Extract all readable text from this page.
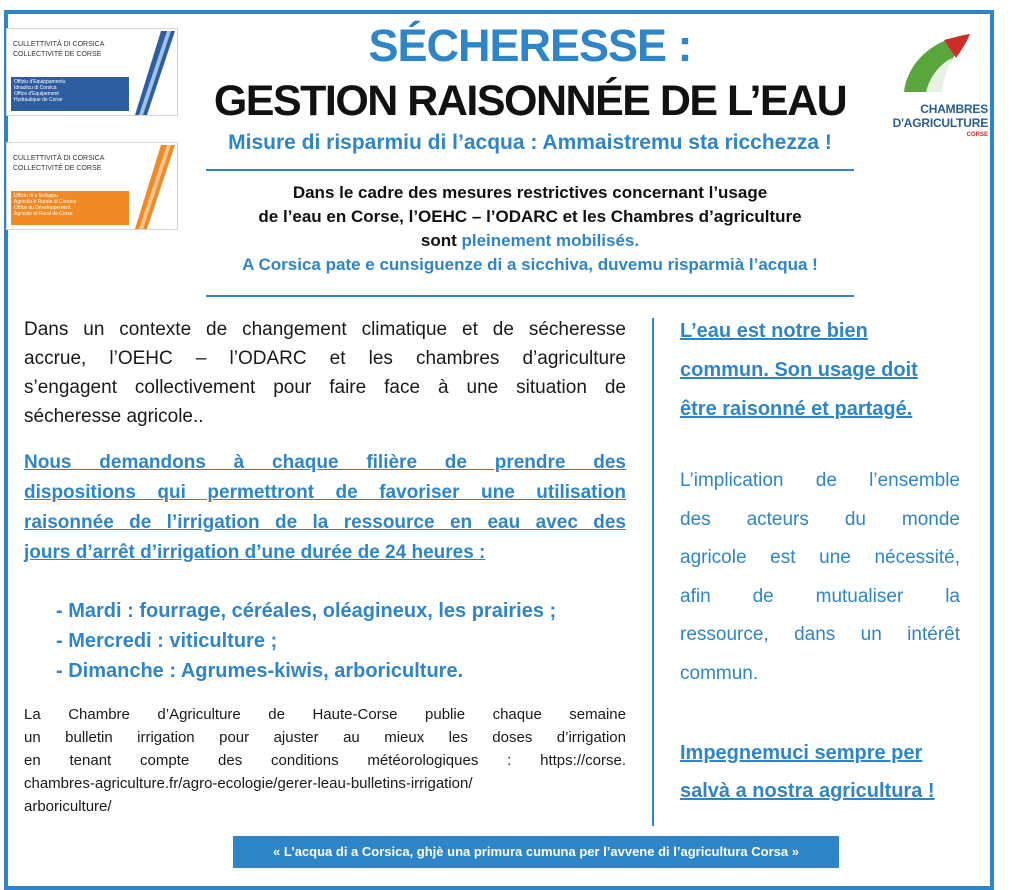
CULLETTIVITÀ DI CORSICA
COLLECTIVITÉ DE CORSE
Offiziu d'Equippamentu
Idraulicu di Corsica
Office d'Équipement
Hydraulique de Corse
CULLETTIVITÀ DI CORSICA
COLLECTIVITÉ DE CORSE
Uffiziu di u Sviluppu
Agricula è Rurale di Corsica
Office du Développement
Agricole et Rural de Corse
CHAMBRES
D'AGRICULTURE
CORSE
SÉCHERESSE :
GESTION RAISONNÉE DE L’EAU
Misure di risparmiu di l’acqua : Ammaistremu sta ricchezza !
Dans le cadre des mesures restrictives concernant l’usage
de l’eau en Corse, l’OEHC – l’ODARC et les Chambres d’agriculture
sont pleinement mobilisés.
A Corsica pate e cunsiguenze di a sicchiva, duvemu risparmià l’acqua !
Dans un contexte de changement climatique et de sécheresse
accrue, l’OEHC – l’ODARC et les chambres d’agriculture
s’engagent collectivement pour faire face à une situation de
sécheresse agricole..
Nous demandons à chaque filière de prendre des
dispositions qui permettront de favoriser une utilisation
raisonnée de l’irrigation de la ressource en eau avec des
jours d’arrêt d’irrigation d’une durée de 24 heures :
- Mardi : fourrage, céréales, oléagineux, les prairies ;
- Mercredi : viticulture ;
- Dimanche : Agrumes-kiwis, arboriculture.
La Chambre d’Agriculture de Haute-Corse publie chaque semaine
un bulletin irrigation pour ajuster au mieux les doses d’irrigation
en tenant compte des conditions météorologiques : https://corse.
chambres-agriculture.fr/agro-ecologie/gerer-leau-bulletins-irrigation/
arboriculture/
L’eau est notre bien
commun. Son usage doit
être raisonné et partagé.
L’implication de l’ensemble
des acteurs du monde
agricole est une nécessité,
afin de mutualiser la
ressource, dans un intérêt
commun.
Impegnemuci sempre per
salvà a nostra agricultura !
« L’acqua di a Corsica, ghjè una primura cumuna per l’avvene di l’agricultura Corsa »
